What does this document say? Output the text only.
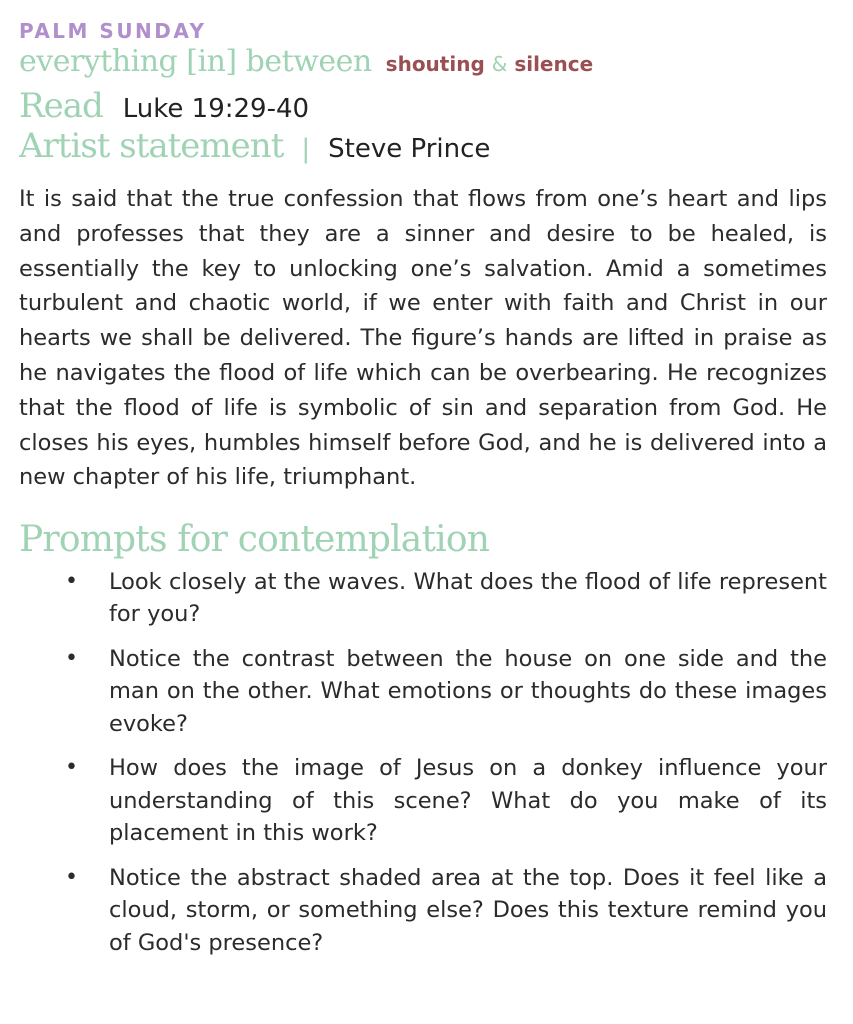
PALM SUNDAY
everything [in] between shouting & silence
Read Luke 19:29-40
Artist statement | Steve Prince

It is said that the true confession that flows from one’s heart and lips and professes that they are a sinner and desire to be healed, is essentially the key to unlocking one’s salvation. Amid a sometimes turbulent and chaotic world, if we enter with faith and Christ in our hearts we shall be delivered. The figure’s hands are lifted in praise as he navigates the flood of life which can be overbearing. He recognizes that the flood of life is symbolic of sin and separation from God. He closes his eyes, humbles himself before God, and he is delivered into a new chapter of his life, triumphant.

Prompts for contemplation
• Look closely at the waves. What does the flood of life represent for you?
• Notice the contrast between the house on one side and the man on the other. What emotions or thoughts do these images evoke?
• How does the image of Jesus on a donkey influence your understanding of this scene? What do you make of its placement in this work?
• Notice the abstract shaded area at the top. Does it feel like a cloud, storm, or something else? Does this texture remind you of God's presence?
